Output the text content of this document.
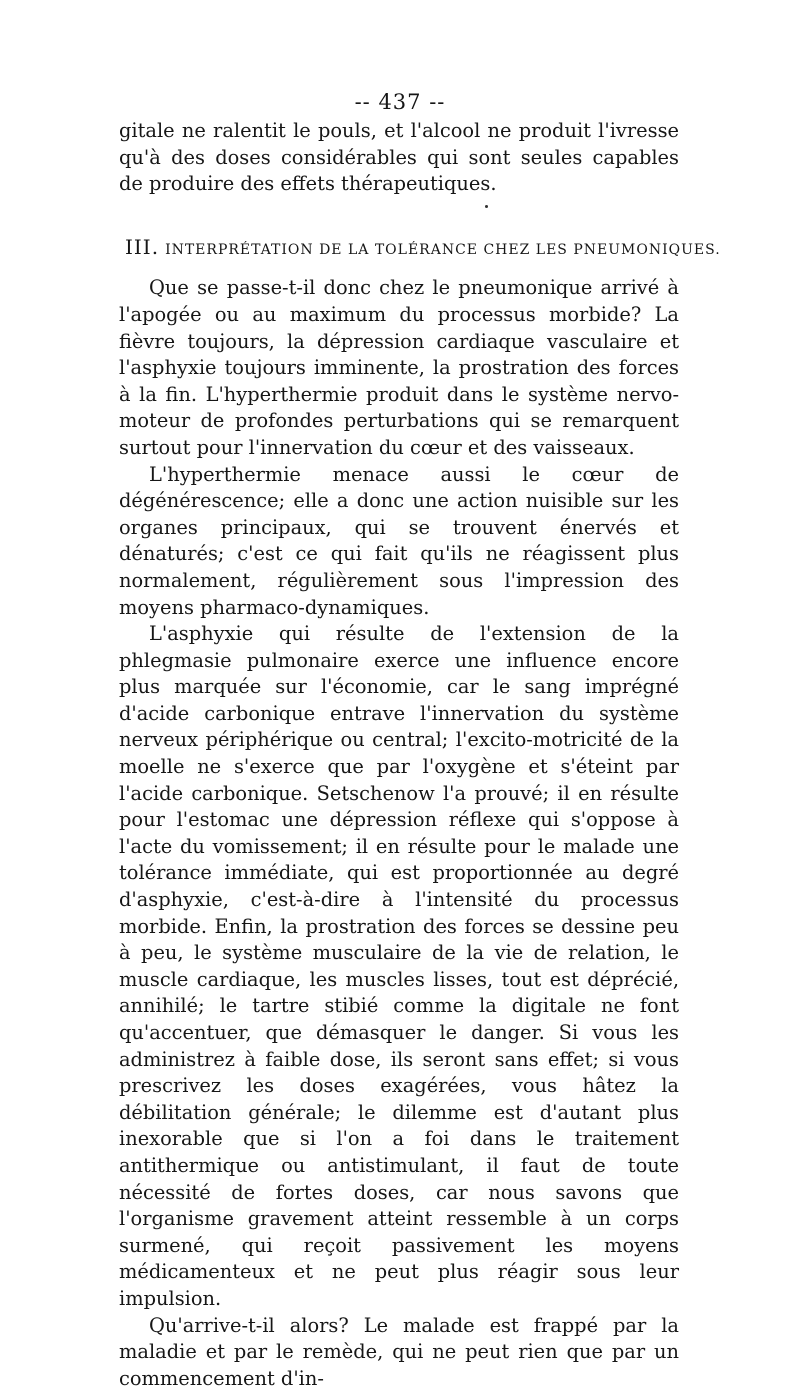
-- 437 --

gitale ne ralentit le pouls, et l'alcool ne produit l'ivresse qu'à des doses considérables qui sont seules capables de produire des effets thérapeutiques.

III. INTERPRÉTATION DE LA TOLÉRANCE CHEZ LES PNEUMONIQUES.

Que se passe-t-il donc chez le pneumonique arrivé à l'apogée ou au maximum du processus morbide? La fièvre toujours, la dépression cardiaque vasculaire et l'asphyxie toujours imminente, la prostration des forces à la fin. L'hyperthermie produit dans le système nervo-moteur de profondes perturbations qui se remarquent surtout pour l'innervation du cœur et des vaisseaux.

L'hyperthermie menace aussi le cœur de dégénérescence; elle a donc une action nuisible sur les organes principaux, qui se trouvent énervés et dénaturés; c'est ce qui fait qu'ils ne réagissent plus normalement, régulièrement sous l'impression des moyens pharmaco-dynamiques.

L'asphyxie qui résulte de l'extension de la phlegmasie pulmonaire exerce une influence encore plus marquée sur l'économie, car le sang imprégné d'acide carbonique entrave l'innervation du système nerveux périphérique ou central; l'excito-motricité de la moelle ne s'exerce que par l'oxygène et s'éteint par l'acide carbonique. Setschenow l'a prouvé; il en résulte pour l'estomac une dépression réflexe qui s'oppose à l'acte du vomissement; il en résulte pour le malade une tolérance immédiate, qui est proportionnée au degré d'asphyxie, c'est-à-dire à l'intensité du processus morbide. Enfin, la prostration des forces se dessine peu à peu, le système musculaire de la vie de relation, le muscle cardiaque, les muscles lisses, tout est déprécié, annihilé; le tartre stibié comme la digitale ne font qu'accentuer, que démasquer le danger. Si vous les administrez à faible dose, ils seront sans effet; si vous prescrivez les doses exagérées, vous hâtez la débilitation générale; le dilemme est d'autant plus inexorable que si l'on a foi dans le traitement antithermique ou antistimulant, il faut de toute nécessité de fortes doses, car nous savons que l'organisme gravement atteint ressemble à un corps surmené, qui reçoit passivement les moyens médicamenteux et ne peut plus réagir sous leur impulsion.

Qu'arrive-t-il alors? Le malade est frappé par la maladie et par le remède, qui ne peut rien que par un commencement d'in-
